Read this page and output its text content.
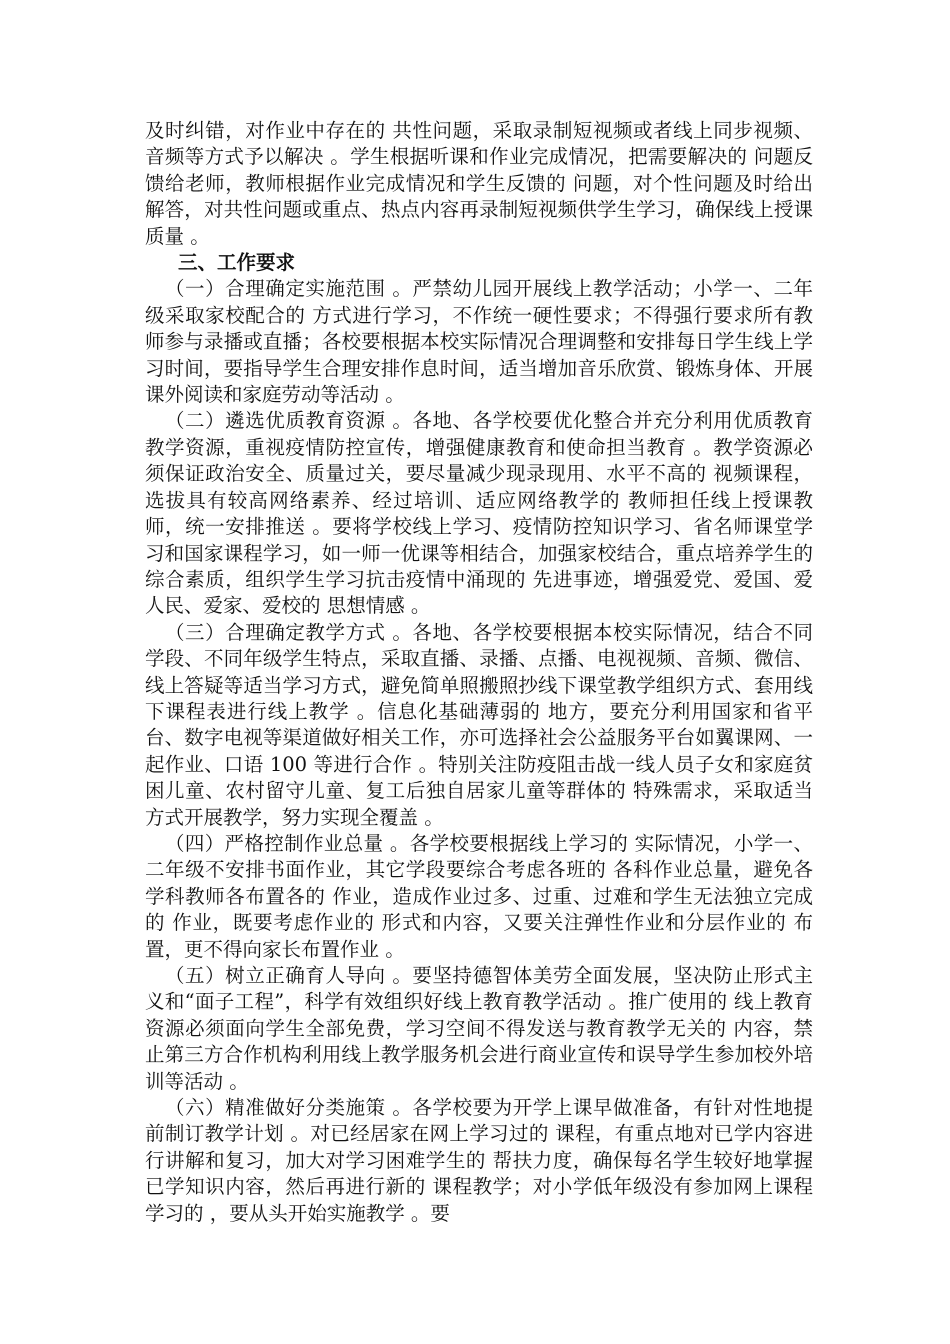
及时纠错，对作业中存在的 共性问题，采取录制短视频或者线上同步视频、音频等方式予以解决 。学生根据听课和作业完成情况，把需要解决的 问题反馈给老师，教师根据作业完成情况和学生反馈的 问题，对个性问题及时给出解答，对共性问题或重点、热点内容再录制短视频供学生学习，确保线上授课质量 。

三、工作要求

（一）合理确定实施范围 。严禁幼儿园开展线上教学活动；小学一、二年级采取家校配合的 方式进行学习，不作统一硬性要求；不得强行要求所有教师参与录播或直播；各校要根据本校实际情况合理调整和安排每日学生线上学习时间，要指导学生合理安排作息时间，适当增加音乐欣赏、锻炼身体、开展课外阅读和家庭劳动等活动 。

（二）遴选优质教育资源 。各地、各学校要优化整合并充分利用优质教育教学资源，重视疫情防控宣传，增强健康教育和使命担当教育 。教学资源必须保证政治安全、质量过关，要尽量减少现录现用、水平不高的 视频课程，选拔具有较高网络素养、经过培训、适应网络教学的 教师担任线上授课教师，统一安排推送 。要将学校线上学习、疫情防控知识学习、省名师课堂学习和国家课程学习，如一师一优课等相结合，加强家校结合，重点培养学生的 综合素质，组织学生学习抗击疫情中涌现的 先进事迹，增强爱党、爱国、爱人民、爱家、爱校的 思想情感 。

（三）合理确定教学方式 。各地、各学校要根据本校实际情况，结合不同学段、不同年级学生特点，采取直播、录播、点播、电视视频、音频、微信、线上答疑等适当学习方式，避免简单照搬照抄线下课堂教学组织方式、套用线下课程表进行线上教学 。信息化基础薄弱的 地方，要充分利用国家和省平台、数字电视等渠道做好相关工作，亦可选择社会公益服务平台如翼课网、一起作业、口语 100 等进行合作 。特别关注防疫阻击战一线人员子女和家庭贫困儿童、农村留守儿童、复工后独自居家儿童等群体的 特殊需求，采取适当方式开展教学，努力实现全覆盖 。

（四）严格控制作业总量 。各学校要根据线上学习的 实际情况，小学一、二年级不安排书面作业，其它学段要综合考虑各班的 各科作业总量，避免各学科教师各布置各的 作业，造成作业过多、过重、过难和学生无法独立完成的 作业，既要考虑作业的 形式和内容，又要关注弹性作业和分层作业的 布置，更不得向家长布置作业 。

（五）树立正确育人导向 。要坚持德智体美劳全面发展，坚决防止形式主义和“面子工程”，科学有效组织好线上教育教学活动 。推广使用的 线上教育资源必须面向学生全部免费，学习空间不得发送与教育教学无关的 内容，禁止第三方合作机构利用线上教学服务机会进行商业宣传和误导学生参加校外培训等活动 。

（六）精准做好分类施策 。各学校要为开学上课早做准备，有针对性地提前制订教学计划 。对已经居家在网上学习过的 课程，有重点地对已学内容进行讲解和复习，加大对学习困难学生的 帮扶力度，确保每名学生较好地掌握已学知识内容，然后再进行新的 课程教学；对小学低年级没有参加网上课程学习的 ，要从头开始实施教学 。要
